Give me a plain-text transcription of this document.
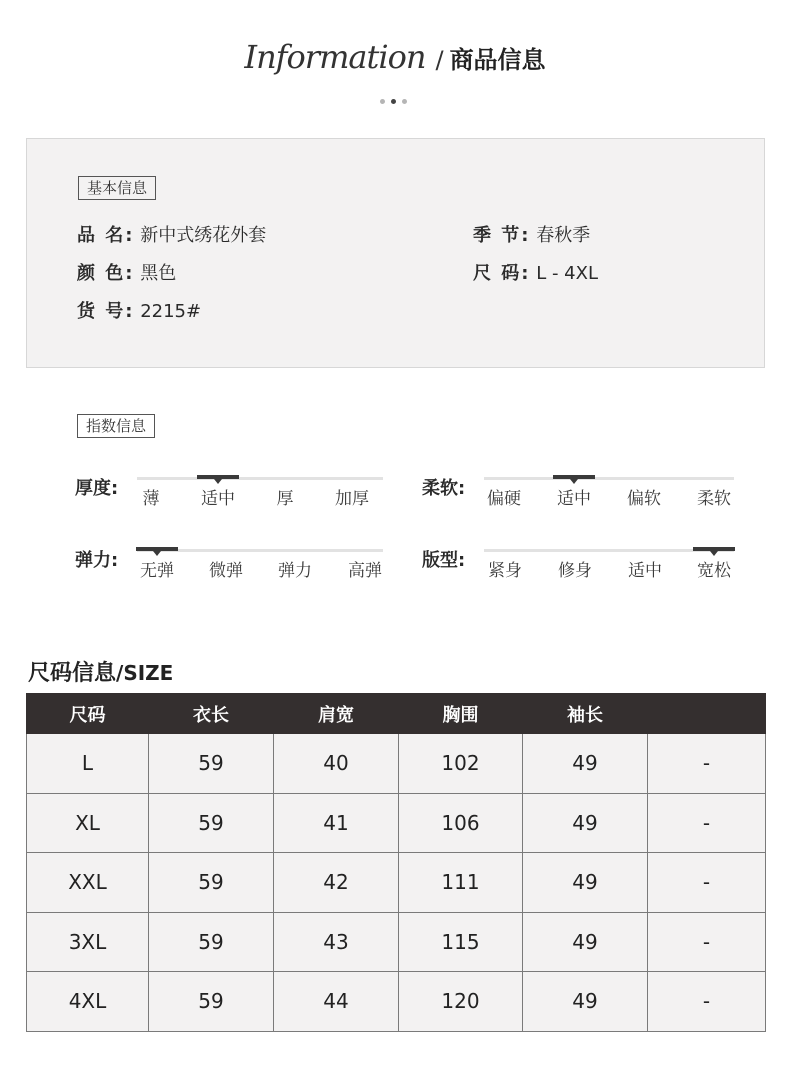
Information / 商品信息
基本信息
品 名: 新中式绣花外套	季 节: 春秋季
颜 色: 黑色	尺 码: L - 4XL
货 号: 2215#
指数信息
厚度: 薄 适中 厚 加厚	柔软: 偏硬 适中 偏软 柔软
弹力: 无弹 微弹 弹力 高弹 版型: 紧身 修身 适中 宽松
尺码信息/SIZE
尺码	衣长	肩宽	胸围	袖长	
L	59	40	102	49	-
XL	59	41	106	49	-
XXL	59	42	111	49	-
3XL	59	43	115	49	-
4XL	59	44	120	49	-
